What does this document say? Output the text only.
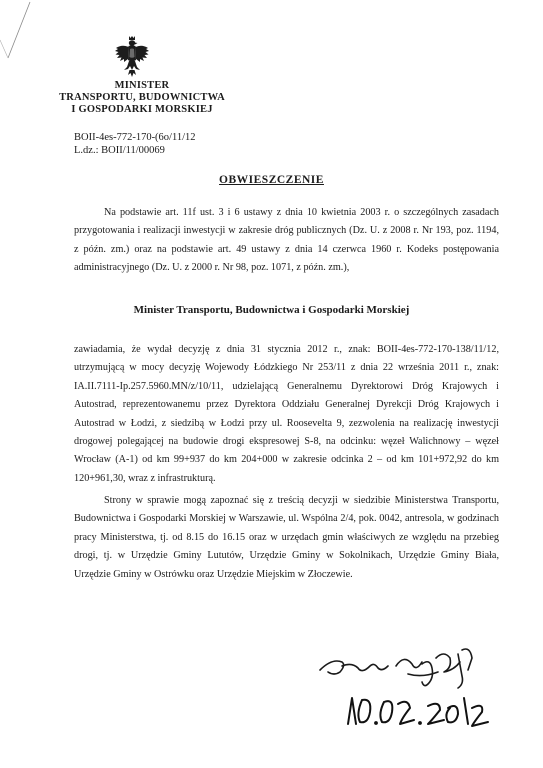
MINISTER
TRANSPORTU, BUDOWNICTWA
I GOSPODARKI MORSKIEJ
BOII-4es-772-170-(6o/11/12
L.dz.: BOII/11/00069
OBWIESZCZENIE

Na podstawie art. 11f ust. 3 i 6 ustawy z dnia 10 kwietnia 2003 r. o szczególnych zasadach przygotowania i realizacji inwestycji w zakresie dróg publicznych (Dz. U. z 2008 r. Nr 193, poz. 1194, z późn. zm.) oraz na podstawie art. 49 ustawy z dnia 14 czerwca 1960 r. Kodeks postępowania administracyjnego (Dz. U. z 2000 r. Nr 98, poz. 1071, z późn. zm.),

Minister Transportu, Budownictwa i Gospodarki Morskiej

zawiadamia, że wydał decyzję z dnia 31 stycznia 2012 r., znak: BOII-4es-772-170-138/11/12, utrzymującą w mocy decyzję Wojewody Łódzkiego Nr 253/11 z dnia 22 września 2011 r., znak: IA.II.7111-Ip.257.5960.MN/z/10/11, udzielającą Generalnemu Dyrektorowi Dróg Krajowych i Autostrad, reprezentowanemu przez Dyrektora Oddziału Generalnej Dyrekcji Dróg Krajowych i Autostrad w Łodzi, z siedzibą w Łodzi przy ul. Roosevelta 9, zezwolenia na realizację inwestycji drogowej polegającej na budowie drogi ekspresowej S-8, na odcinku: węzeł Walichnowy – węzeł Wrocław (A-1) od km 99+937 do km 204+000 w zakresie odcinka 2 – od km 101+972,92 do km 120+961,30, wraz z infrastrukturą.

Strony w sprawie mogą zapoznać się z treścią decyzji w siedzibie Ministerstwa Transportu, Budownictwa i Gospodarki Morskiej w Warszawie, ul. Wspólna 2/4, pok. 0042, antresola, w godzinach pracy Ministerstwa, tj. od 8.15 do 16.15 oraz w urzędach gmin właściwych ze względu na przebieg drogi, tj. w Urzędzie Gminy Lututów, Urzędzie Gminy w Sokolnikach, Urzędzie Gminy Biała, Urzędzie Gminy w Ostrówku oraz Urzędzie Miejskim w Złoczewie.
